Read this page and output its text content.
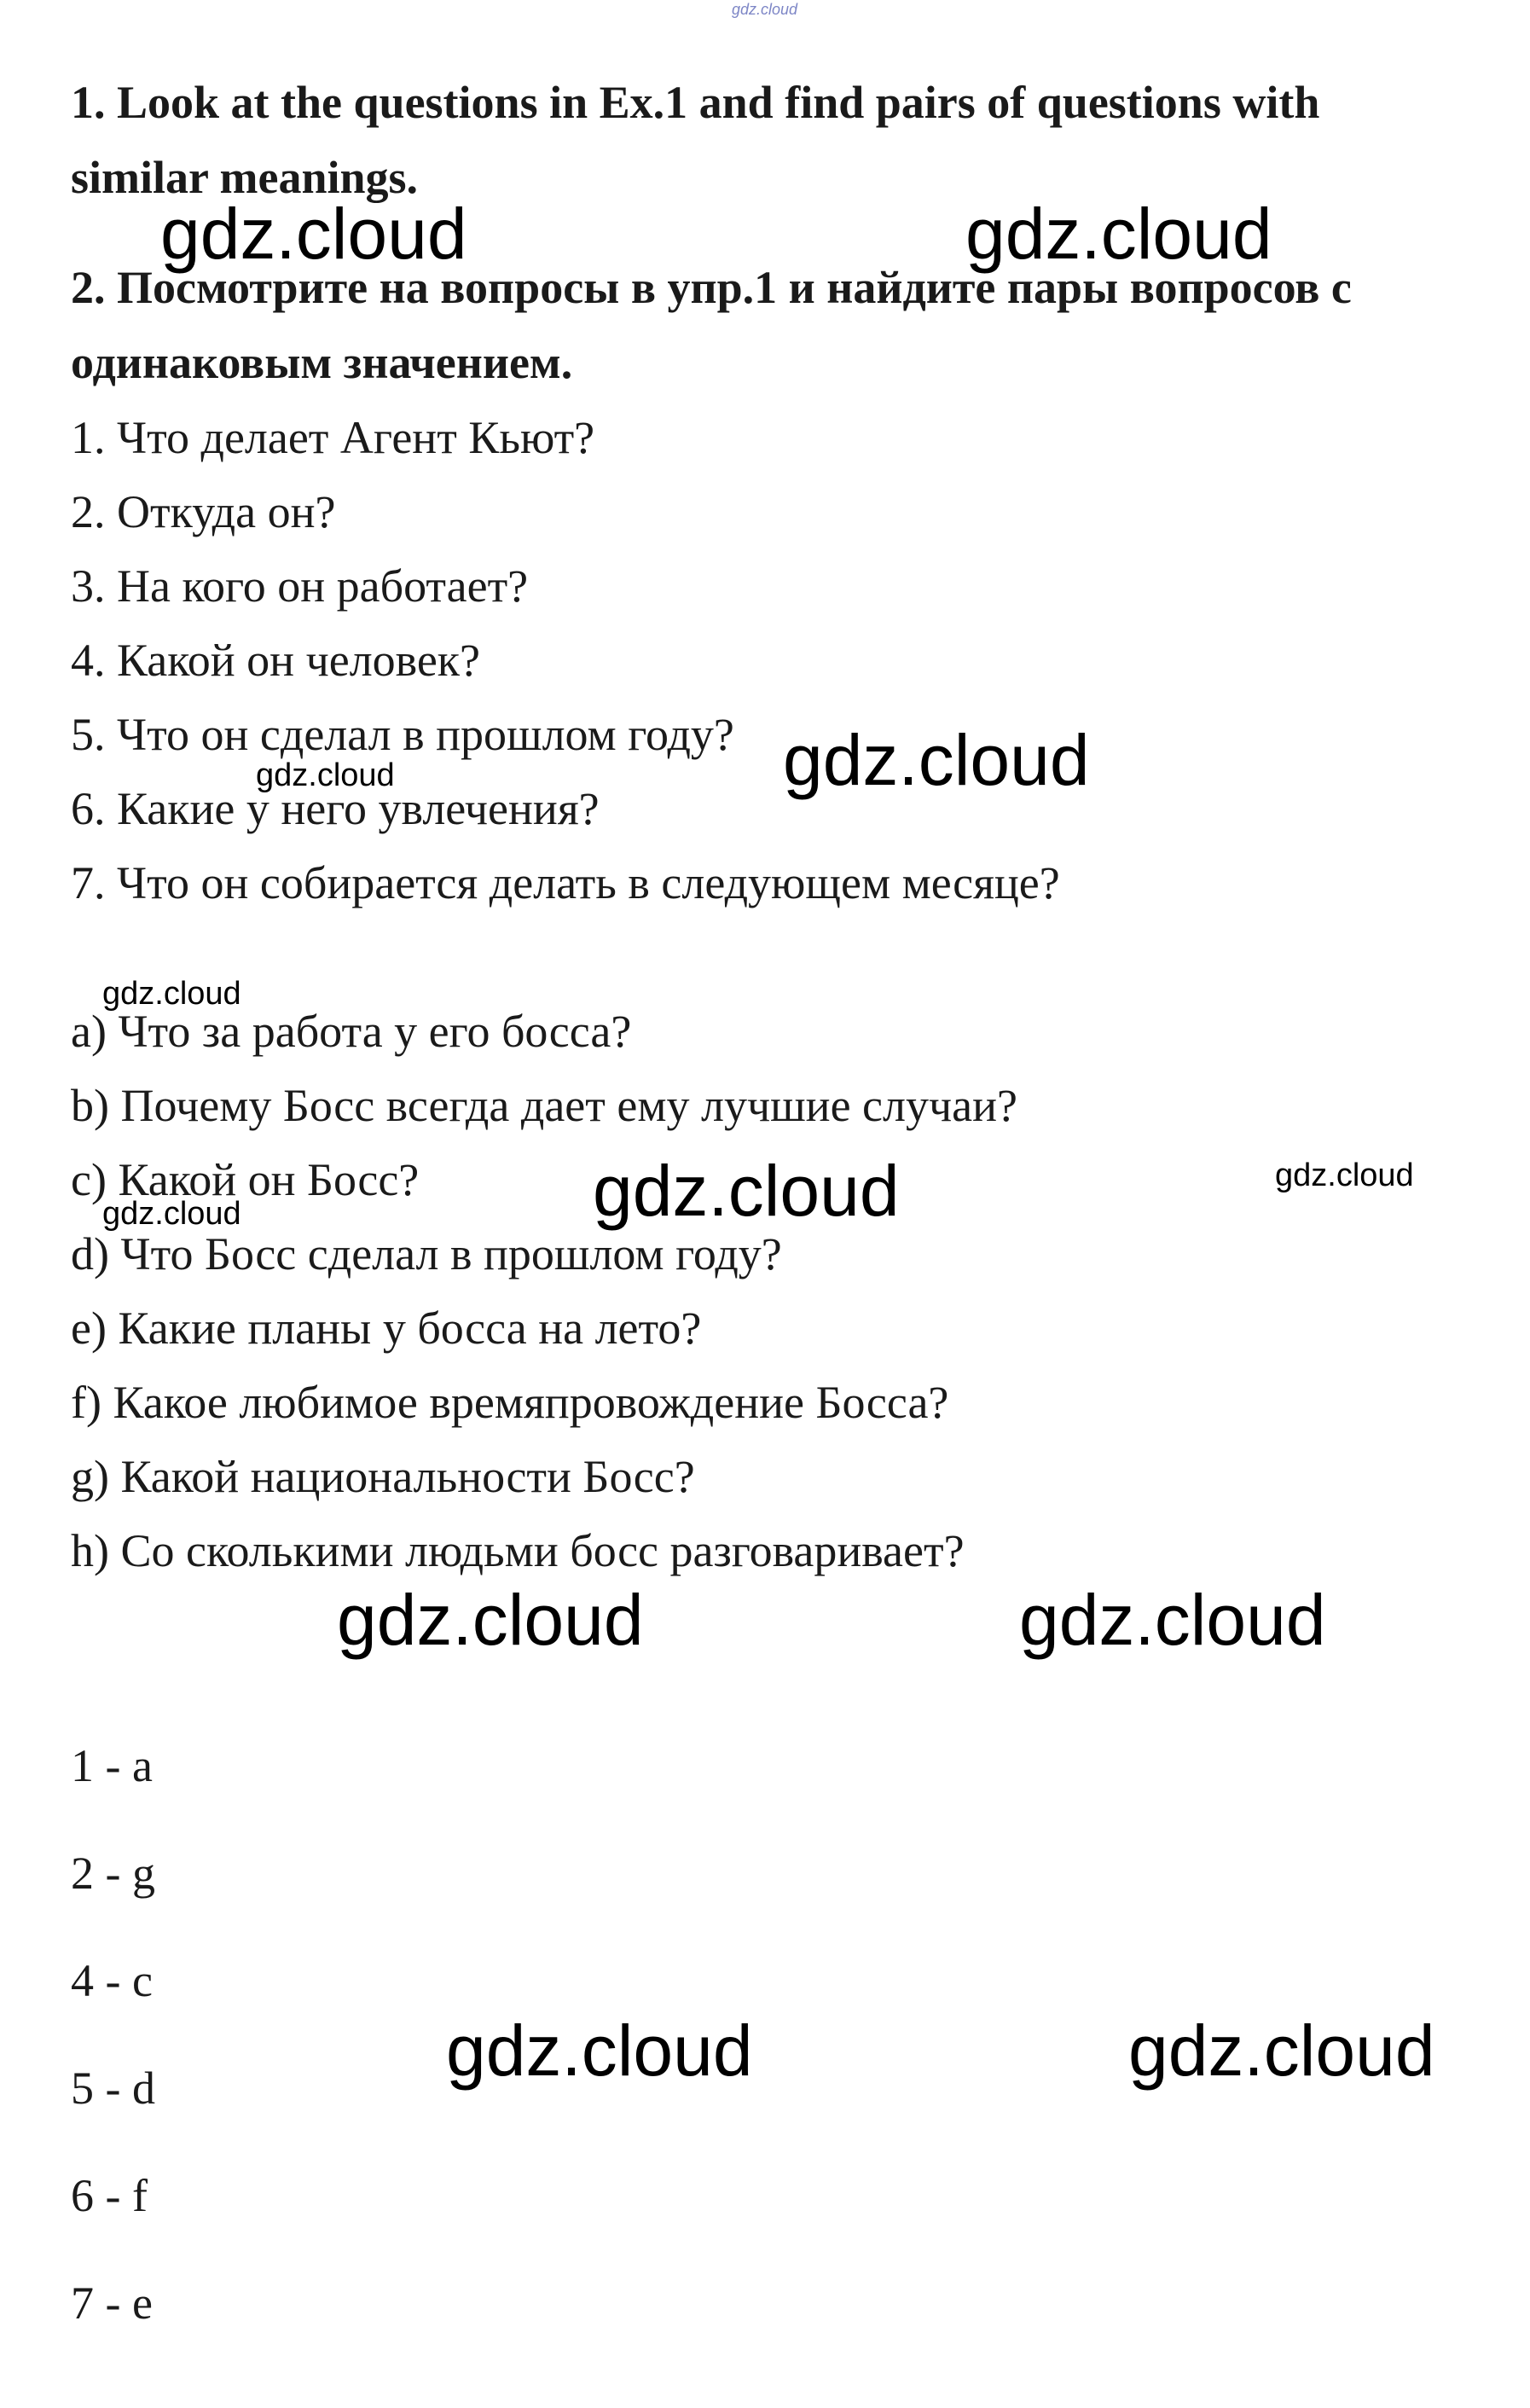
gdz.cloud
1. Look at the questions in Ex.1 and find pairs of questions with
similar meanings.
2. Посмотрите на вопросы в упр.1 и найдите пары вопросов с
одинаковым значением.
1. Что делает Агент Кьют?
2. Откуда он?
3. На кого он работает?
4. Какой он человек?
5. Что он сделал в прошлом году?
6. Какие у него увлечения?
7. Что он собирается делать в следующем месяце?
a) Что за работа у его босса?
b) Почему Босс всегда дает ему лучшие случаи?
c) Какой он Босс?
d) Что Босс сделал в прошлом году?
e) Какие планы у босса на лето?
f) Какое любимое времяпровождение Босса?
g) Какой национальности Босс?
h) Со сколькими людьми босс разговаривает?
1 - a
2 - g
4 - c
5 - d
6 - f
7 - e
gdz.cloud	gdz.cloud
gdz.cloud
gdz.cloud
gdz.cloud
gdz.cloud
gdz.cloud
gdz.cloud
gdz.cloud	gdz.cloud
gdz.cloud	gdz.cloud
